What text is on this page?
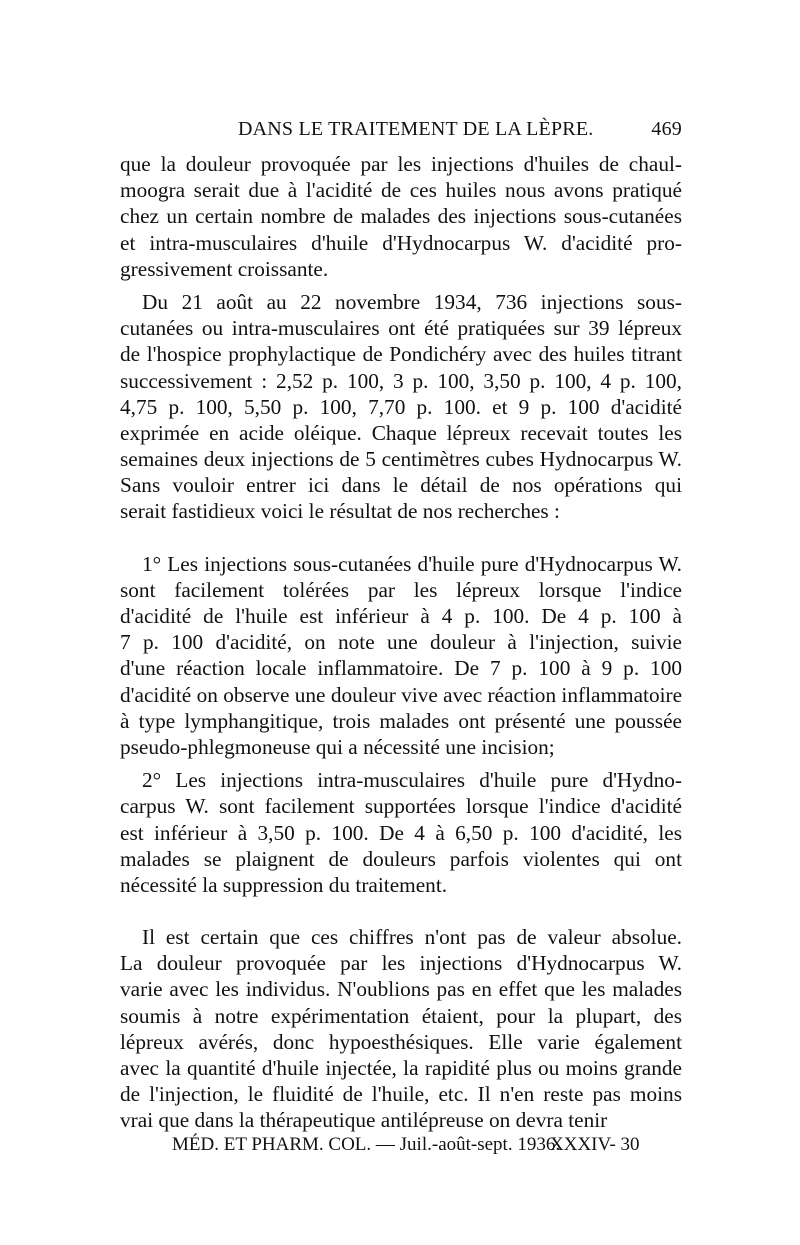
DANS LE TRAITEMENT DE LA LÈPRE.	469
que la douleur provoquée par les injections d'huiles de chaul-
moogra serait due à l'acidité de ces huiles nous avons pratiqué
chez un certain nombre de malades des injections sous-cutanées
et intra-musculaires d'huile d'Hydnocarpus W. d'acidité pro-
gressivement croissante.
Du 21 août au 22 novembre 1934, 736 injections sous-
cutanées ou intra-musculaires ont été pratiquées sur 39 lépreux
de l'hospice prophylactique de Pondichéry avec des huiles titrant
successivement : 2,52 p. 100, 3 p. 100, 3,50 p. 100, 4 p. 100,
4,75 p. 100, 5,50 p. 100, 7,70 p. 100. et 9 p. 100 d'acidité
exprimée en acide oléique. Chaque lépreux recevait toutes les
semaines deux injections de 5 centimètres cubes Hydnocarpus W.
Sans vouloir entrer ici dans le détail de nos opérations qui
serait fastidieux voici le résultat de nos recherches :
1° Les injections sous-cutanées d'huile pure d'Hydnocarpus W.
sont facilement tolérées par les lépreux lorsque l'indice
d'acidité de l'huile est inférieur à 4 p. 100. De 4 p. 100 à
7 p. 100 d'acidité, on note une douleur à l'injection, suivie
d'une réaction locale inflammatoire. De 7 p. 100 à 9 p. 100
d'acidité on observe une douleur vive avec réaction inflammatoire
à type lymphangitique, trois malades ont présenté une poussée
pseudo-phlegmoneuse qui a nécessité une incision;
2° Les injections intra-musculaires d'huile pure d'Hydno-
carpus W. sont facilement supportées lorsque l'indice d'acidité
est inférieur à 3,50 p. 100. De 4 à 6,50 p. 100 d'acidité, les
malades se plaignent de douleurs parfois violentes qui ont
nécessité la suppression du traitement.
Il est certain que ces chiffres n'ont pas de valeur absolue.
La douleur provoquée par les injections d'Hydnocarpus W.
varie avec les individus. N'oublions pas en effet que les malades
soumis à notre expérimentation étaient, pour la plupart, des
lépreux avérés, donc hypoesthésiques. Elle varie également
avec la quantité d'huile injectée, la rapidité plus ou moins grande
de l'injection, le fluidité de l'huile, etc. Il n'en reste pas moins
vrai que dans la thérapeutique antilépreuse on devra tenir
MÉD. ET PHARM. COL. — Juil.-août-sept. 1936.
XXXIV- 30
